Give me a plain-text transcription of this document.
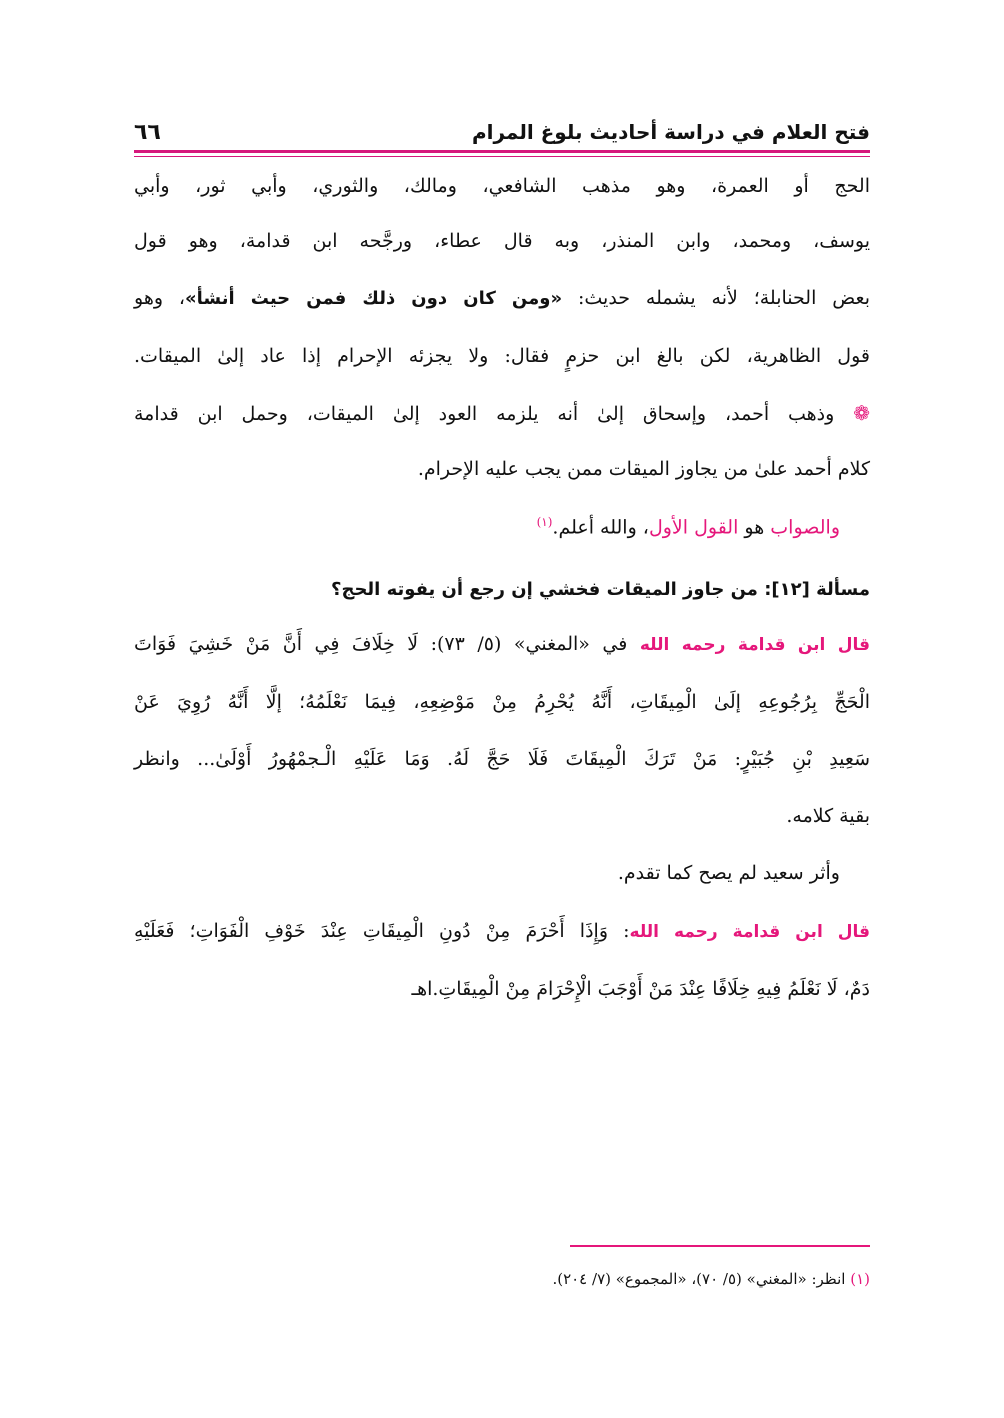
فتح العلام في دراسة أحاديث بلوغ المرام
٦٦
الحج أو العمرة، وهو مذهب الشافعي، ومالك، والثوري، وأبي ثور، وأبي
يوسف، ومحمد، وابن المنذر، وبه قال عطاء، ورجَّحه ابن قدامة، وهو قول
بعض الحنابلة؛ لأنه يشمله حديث: «ومن كان دون ذلك فمن حيث أنشأ»، وهو
قول الظاهرية، لكن بالغ ابن حزمٍ فقال: ولا يجزئه الإحرام إذا عاد إلىٰ الميقات.
❁ وذهب أحمد، وإسحاق إلىٰ أنه يلزمه العود إلىٰ الميقات، وحمل ابن قدامة
كلام أحمد علىٰ من يجاوز الميقات ممن يجب عليه الإحرام.
والصواب هو القول الأول، والله أعلم.$^{(١)}$
مسألة [١٢]: من جاوز الميقات فخشي إن رجع أن يفوته الحج؟
قال ابن قدامة رحمه الله في «المغني» (٥/ ٧٣): لَا خِلَافَ فِي أَنَّ مَنْ خَشِيَ فَوَاتَ
الْحَجِّ بِرُجُوعِهِ إلَىٰ الْمِيقَاتِ، أَنَّهُ يُحْرِمُ مِنْ مَوْضِعِهِ، فِيمَا نَعْلَمُهُ؛ إلَّا أَنَّهُ رُوِيَ عَنْ
سَعِيدِ بْنِ جُبَيْرٍ: مَنْ تَرَكَ الْمِيقَاتَ فَلَا حَجَّ لَهُ. وَمَا عَلَيْهِ الْـجمْهُورُ أَوْلَىٰ... وانظر
بقية كلامه.
وأثر سعيد لم يصح كما تقدم.
قال ابن قدامة رحمه الله: وَإِذَا أَحْرَمَ مِنْ دُونِ الْمِيقَاتِ عِنْدَ خَوْفِ الْفَوَاتِ؛ فَعَلَيْهِ
دَمٌ، لَا نَعْلَمُ فِيهِ خِلَافًا عِنْدَ مَنْ أَوْجَبَ الْإِحْرَامَ مِنْ الْمِيقَاتِ.اهـ
(١) انظر: «المغني» (٥/ ٧٠)، «المجموع» (٧/ ٢٠٤).
